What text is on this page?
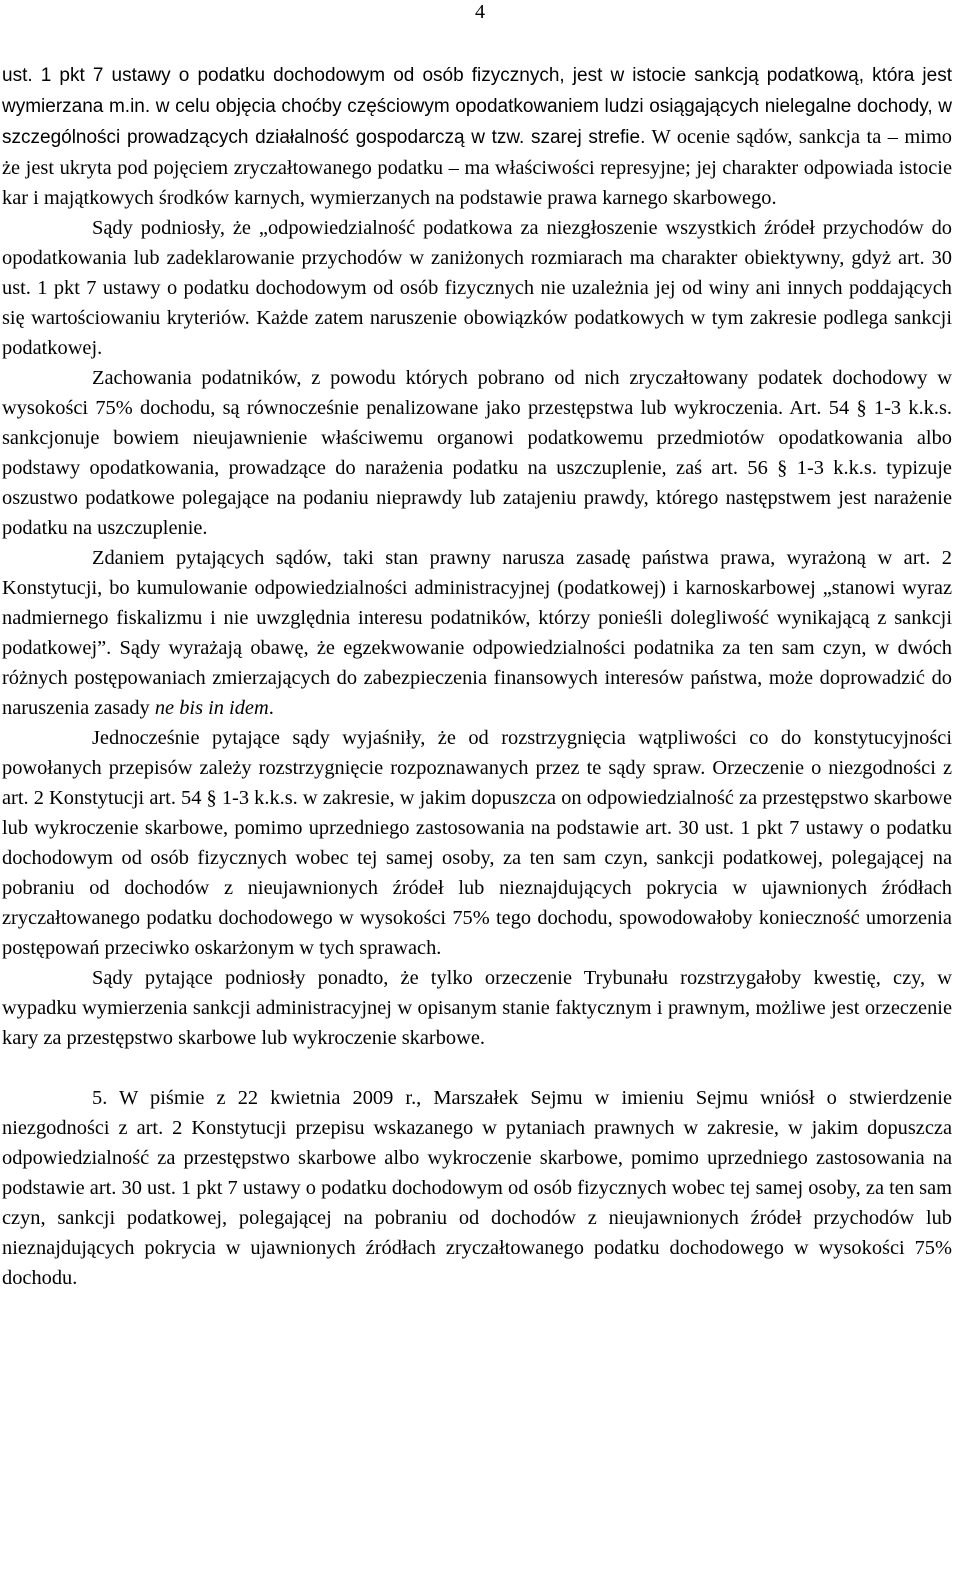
4

ust. 1 pkt 7 ustawy o podatku dochodowym od osób fizycznych, jest w istocie sankcją podatkową, która jest wymierzana m.in. w celu objęcia choćby częściowym opodatkowaniem ludzi osiągających nielegalne dochody, w szczególności prowadzących działalność gospodarczą w tzw. szarej strefie. W ocenie sądów, sankcja ta – mimo że jest ukryta pod pojęciem zryczałtowanego podatku – ma właściwości represyjne; jej charakter odpowiada istocie kar i majątkowych środków karnych, wymierzanych na podstawie prawa karnego skarbowego.

Sądy podniosły, że „odpowiedzialność podatkowa za niezgłoszenie wszystkich źródeł przychodów do opodatkowania lub zadeklarowanie przychodów w zaniżonych rozmiarach ma charakter obiektywny, gdyż art. 30 ust. 1 pkt 7 ustawy o podatku dochodowym od osób fizycznych nie uzależnia jej od winy ani innych poddających się wartościowaniu kryteriów. Każde zatem naruszenie obowiązków podatkowych w tym zakresie podlega sankcji podatkowej.

Zachowania podatników, z powodu których pobrano od nich zryczałtowany podatek dochodowy w wysokości 75% dochodu, są równocześnie penalizowane jako przestępstwa lub wykroczenia. Art. 54 § 1-3 k.k.s. sankcjonuje bowiem nieujawnienie właściwemu organowi podatkowemu przedmiotów opodatkowania albo podstawy opodatkowania, prowadzące do narażenia podatku na uszczuplenie, zaś art. 56 § 1-3 k.k.s. typizuje oszustwo podatkowe polegające na podaniu nieprawdy lub zatajeniu prawdy, którego następstwem jest narażenie podatku na uszczuplenie.

Zdaniem pytających sądów, taki stan prawny narusza zasadę państwa prawa, wyrażoną w art. 2 Konstytucji, bo kumulowanie odpowiedzialności administracyjnej (podatkowej) i karnoskarbowej „stanowi wyraz nadmiernego fiskalizmu i nie uwzględnia interesu podatników, którzy ponieśli dolegliwość wynikającą z sankcji podatkowej”. Sądy wyrażają obawę, że egzekwowanie odpowiedzialności podatnika za ten sam czyn, w dwóch różnych postępowaniach zmierzających do zabezpieczenia finansowych interesów państwa, może doprowadzić do naruszenia zasady ne bis in idem.

Jednocześnie pytające sądy wyjaśniły, że od rozstrzygnięcia wątpliwości co do konstytucyjności powołanych przepisów zależy rozstrzygnięcie rozpoznawanych przez te sądy spraw. Orzeczenie o niezgodności z art. 2 Konstytucji art. 54 § 1-3 k.k.s. w zakresie, w jakim dopuszcza on odpowiedzialność za przestępstwo skarbowe lub wykroczenie skarbowe, pomimo uprzedniego zastosowania na podstawie art. 30 ust. 1 pkt 7 ustawy o podatku dochodowym od osób fizycznych wobec tej samej osoby, za ten sam czyn, sankcji podatkowej, polegającej na pobraniu od dochodów z nieujawnionych źródeł lub nieznajdujących pokrycia w ujawnionych źródłach zryczałtowanego podatku dochodowego w wysokości 75% tego dochodu, spowodowałoby konieczność umorzenia postępowań przeciwko oskarżonym w tych sprawach.

Sądy pytające podniosły ponadto, że tylko orzeczenie Trybunału rozstrzygałoby kwestię, czy, w wypadku wymierzenia sankcji administracyjnej w opisanym stanie faktycznym i prawnym, możliwe jest orzeczenie kary za przestępstwo skarbowe lub wykroczenie skarbowe.

5. W piśmie z 22 kwietnia 2009 r., Marszałek Sejmu w imieniu Sejmu wniósł o stwierdzenie niezgodności z art. 2 Konstytucji przepisu wskazanego w pytaniach prawnych w zakresie, w jakim dopuszcza odpowiedzialność za przestępstwo skarbowe albo wykroczenie skarbowe, pomimo uprzedniego zastosowania na podstawie art. 30 ust. 1 pkt 7 ustawy o podatku dochodowym od osób fizycznych wobec tej samej osoby, za ten sam czyn, sankcji podatkowej, polegającej na pobraniu od dochodów z nieujawnionych źródeł przychodów lub nieznajdujących pokrycia w ujawnionych źródłach zryczałtowanego podatku dochodowego w wysokości 75% dochodu.
